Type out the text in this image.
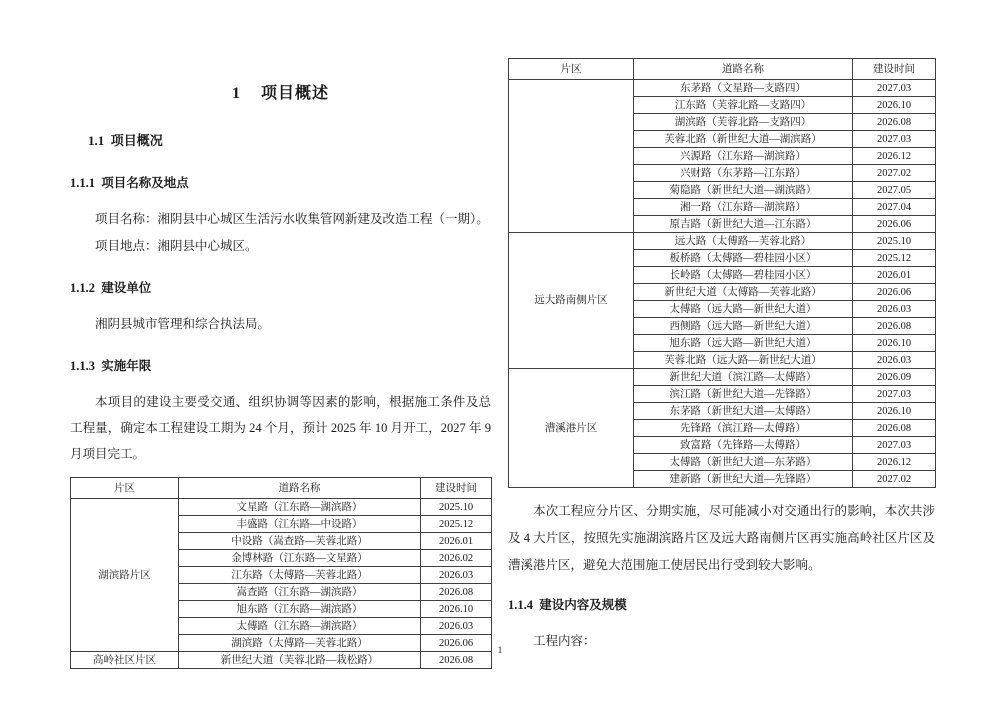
1    项目概述
1.1  项目概况
1.1.1  项目名称及地点

项目名称：湘阴县中心城区生活污水收集管网新建及改造工程（一期）。

项目地点：湘阴县中心城区。

1.1.2  建设单位

湘阴县城市管理和综合执法局。

1.1.3  实施年限

本项目的建设主要受交通、组织协调等因素的影响，根据施工条件及总工程量，确定本工程建设工期为 24 个月，预计 2025 年 10 月开工，2027 年 9 月项目完工。

片区	道路名称	建设时间
湖滨路片区	文星路（江东路—湖滨路）	2025.10
	丰盛路（江东路—中设路）	2025.12
	中设路（嵩查路—芙蓉北路）	2026.01
	金博林路（江东路—文星路）	2026.02
	江东路（太傅路—芙蓉北路）	2026.03
	嵩查路（江东路—湖滨路）	2026.08
	旭东路（江东路—湖滨路）	2026.10
	太傅路（江东路—湖滨路）	2026.03
	湖滨路（太傅路—芙蓉北路）	2026.06
高岭社区片区	新世纪大道（芙蓉北路—栽松路）	2026.08
片区	道路名称	建设时间
	东茅路（文星路—支路四）	2027.03
	江东路（芙蓉北路—支路四）	2026.10
	湖滨路（芙蓉北路—支路四）	2026.08
	芙蓉北路（新世纪大道—湖滨路）	2027.03
	兴源路（江东路—湖滨路）	2026.12
	兴财路（东茅路—江东路）	2027.02
	菊隐路（新世纪大道—湖滨路）	2027.05
	湘一路（江东路—湖滨路）	2027.04
	原吉路（新世纪大道—江东路）	2026.06
远大路南侧片区	远大路（太傅路—芙蓉北路）	2025.10
	板桥路（太傅路—碧桂园小区）	2025.12
	长岭路（太傅路—碧桂园小区）	2026.01
	新世纪大道（太傅路—芙蓉北路）	2026.06
	太傅路（远大路—新世纪大道）	2026.03
	西侧路（远大路—新世纪大道）	2026.08
	旭东路（远大路—新世纪大道）	2026.10
	芙蓉北路（远大路—新世纪大道）	2026.03
漕溪港片区	新世纪大道（滨江路—太傅路）	2026.09
	滨江路（新世纪大道—先锋路）	2027.03
	东茅路（新世纪大道—太傅路）	2026.10
	先锋路（滨江路—太傅路）	2026.08
	致富路（先锋路—太傅路）	2027.03
	太傅路（新世纪大道—东茅路）	2026.12
	建新路（新世纪大道—先锋路）	2027.02

本次工程应分片区、分期实施，尽可能减小对交通出行的影响，本次共涉及 4 大片区，按照先实施湖滨路片区及远大路南侧片区再实施高岭社区片区及漕溪港片区，避免大范围施工使居民出行受到较大影响。

1.1.4  建设内容及规模

工程内容：

1
